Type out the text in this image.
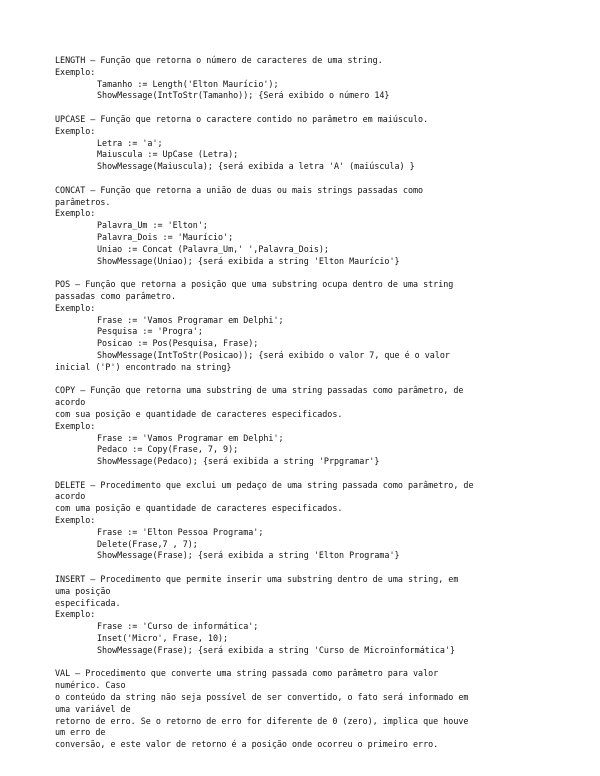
LENGTH – Função que retorna o número de caracteres de uma string.
Exemplo:
Tamanho := Length('Elton Maurício');
ShowMessage(IntToStr(Tamanho)); {Será exibido o número 14}
UPCASE – Função que retorna o caractere contido no parâmetro em maiúsculo.
Exemplo:
Letra := 'a';
Maiuscula := UpCase (Letra);
ShowMessage(Maiuscula); {será exibida a letra 'A' (maiúscula) }
CONCAT – Função que retorna a união de duas ou mais strings passadas como
parâmetros.
Exemplo:
Palavra_Um := 'Elton';
Palavra_Dois := 'Maurício';
Uniao := Concat (Palavra_Um,' ',Palavra_Dois);
ShowMessage(Uniao); {será exibida a string 'Elton Maurício'}
POS – Função que retorna a posição que uma substring ocupa dentro de uma string
passadas como parâmetro.
Exemplo:
Frase := 'Vamos Programar em Delphi';
Pesquisa := 'Progra';
Posicao := Pos(Pesquisa, Frase);
ShowMessage(IntToStr(Posicao)); {será exibido o valor 7, que é o valor
inicial ('P') encontrado na string}
COPY – Função que retorna uma substring de uma string passadas como parâmetro, de
acordo
com sua posição e quantidade de caracteres especificados.
Exemplo:
Frase := 'Vamos Programar em Delphi';
Pedaco := Copy(Frase, 7, 9);
ShowMessage(Pedaco); {será exibida a string 'Prpgramar'}
DELETE – Procedimento que exclui um pedaço de uma string passada como parâmetro, de
acordo
com uma posição e quantidade de caracteres especificados.
Exemplo:
Frase := 'Elton Pessoa Programa';
Delete(Frase,7 , 7);
ShowMessage(Frase); {será exibida a string 'Elton Programa'}
INSERT – Procedimento que permite inserir uma substring dentro de uma string, em
uma posição
especificada.
Exemplo:
Frase := 'Curso de informática';
Inset('Micro', Frase, 10);
ShowMessage(Frase); {será exibida a string 'Curso de Microinformática'}
VAL – Procedimento que converte uma string passada como parâmetro para valor
numérico. Caso
o conteúdo da string não seja possível de ser convertido, o fato será informado em
uma variável de
retorno de erro. Se o retorno de erro for diferente de 0 (zero), implica que houve
um erro de
conversão, e este valor de retorno é a posição onde ocorreu o primeiro erro.
